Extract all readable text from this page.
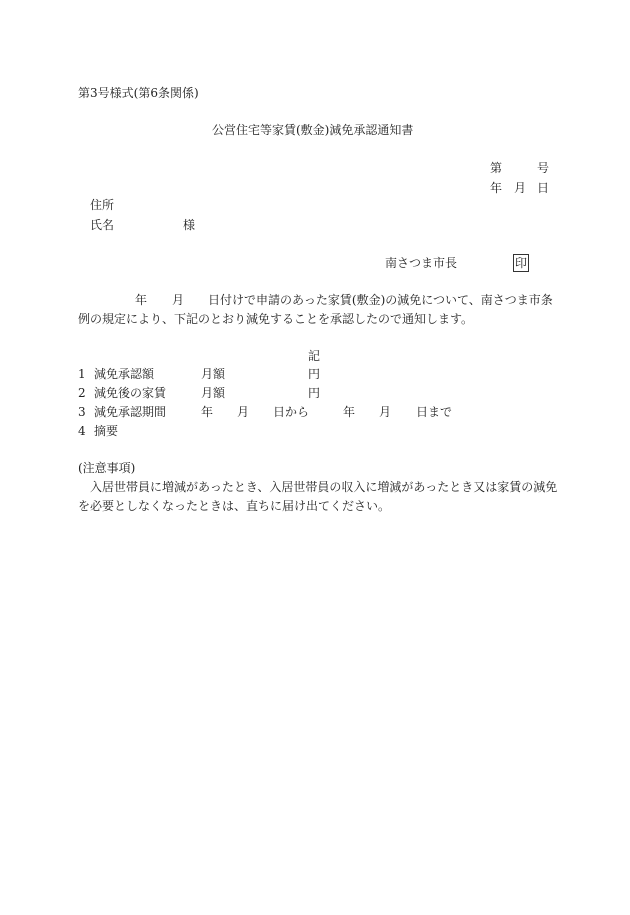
第3号様式(第6条関係)
公営住宅等家賃(敷金)減免承認通知書
第	号
年 月 日
住所
氏名	様
南さつま市長	印
年 月 日付けで申請のあった家賃(敷金)の減免について、南さつま市条
例の規定により、下記のとおり減免することを承認したので通知します。
記
1 減免承認額	月額	円
2 減免後の家賃	月額	円
3 減免承認期間	年 月 日から	年 月 日まで
4 摘要
(注意事項)
入居世帯員に増減があったとき、入居世帯員の収入に増減があったとき又は家賃の減免
を必要としなくなったときは、直ちに届け出てください。
